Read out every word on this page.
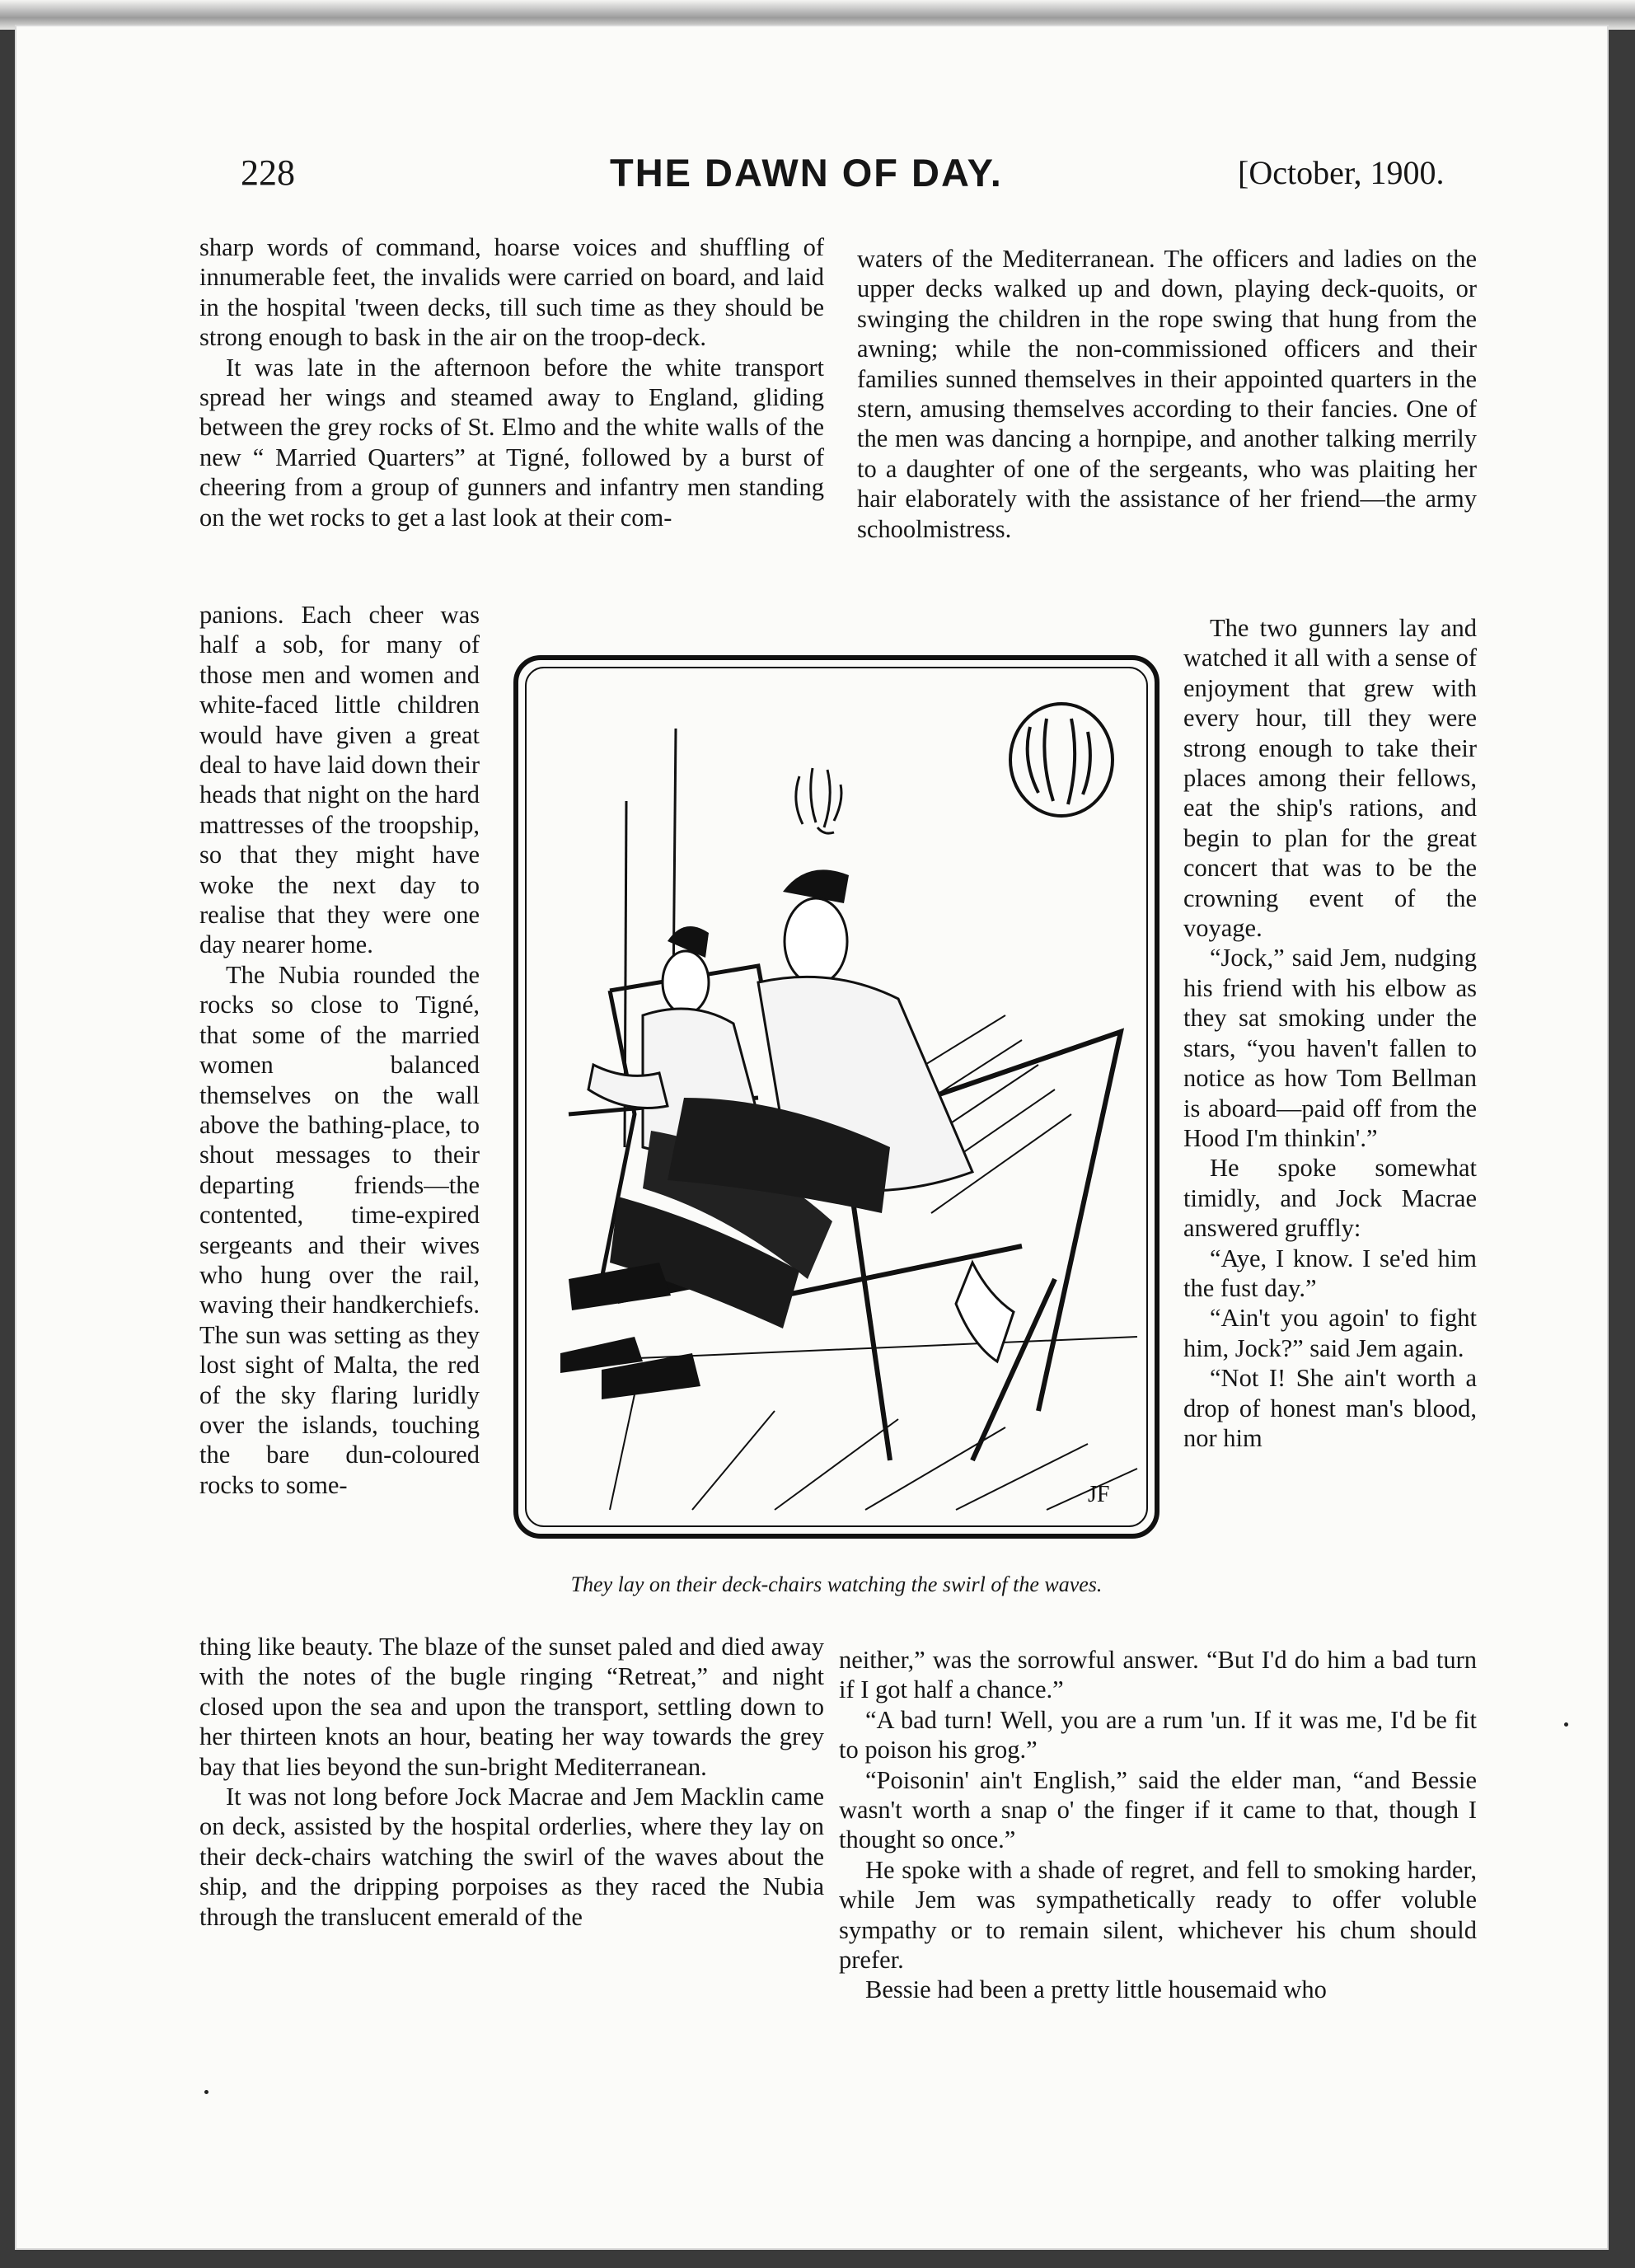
228	THE DAWN OF DAY.	[October, 1900.

sharp words of command, hoarse voices and shuffling of innumerable feet, the invalids were carried on board, and laid in the hospital 'tween decks, till such time as they should be strong enough to bask in the air on the troop-deck.

It was late in the afternoon before the white transport spread her wings and steamed away to England, gliding between the grey rocks of St. Elmo and the white walls of the new “ Married Quarters” at Tigné, followed by a burst of cheering from a group of gunners and infantry men standing on the wet rocks to get a last look at their com-

panions. Each cheer was half a sob, for many of those men and women and white-faced little children would have given a great deal to have laid down their heads that night on the hard mattresses of the troopship, so that they might have woke the next day to realise that they were one day nearer home.

The Nubia rounded the rocks so close to Tigné, that some of the married women balanced themselves on the wall above the bathing-place, to shout messages to their departing friends—the contented, time-expired sergeants and their wives who hung over the rail, waving their handkerchiefs. The sun was setting as they lost sight of Malta, the red of the sky flaring luridly over the islands, touching the bare dun-coloured rocks to some-

thing like beauty. The blaze of the sunset paled and died away with the notes of the bugle ringing “Retreat,” and night closed upon the sea and upon the transport, settling down to her thirteen knots an hour, beating her way towards the grey bay that lies beyond the sun-bright Mediterranean.

It was not long before Jock Macrae and Jem Macklin came on deck, assisted by the hospital orderlies, where they lay on their deck-chairs watching the swirl of the waves about the ship, and the dripping porpoises as they raced the Nubia through the translucent emerald of the

waters of the Mediterranean. The officers and ladies on the upper decks walked up and down, playing deck-quoits, or swinging the children in the rope swing that hung from the awning; while the non-commissioned officers and their families sunned themselves in their appointed quarters in the stern, amusing themselves according to their fancies. One of the men was dancing a hornpipe, and another talking merrily to a daughter of one of the sergeants, who was plaiting her hair elaborately with the assistance of her friend—the army schoolmistress.

The two gunners lay and watched it all with a sense of enjoyment that grew with every hour, till they were strong enough to take their places among their fellows, eat the ship's rations, and begin to plan for the great concert that was to be the crowning event of the voyage.

“Jock,” said Jem, nudging his friend with his elbow as they sat smoking under the stars, “you haven't fallen to notice as how Tom Bellman is aboard—paid off from the Hood I'm thinkin'.”

He spoke somewhat timidly, and Jock Macrae answered gruffly:

“Aye, I know. I se'ed him the fust day.”

“Ain't you agoin' to fight him, Jock?” said Jem again.

“Not I! She ain't worth a drop of honest man's blood, nor him

neither,” was the sorrowful answer. “But I'd do him a bad turn if I got half a chance.”

“A bad turn! Well, you are a rum 'un. If it was me, I'd be fit to poison his grog.”

“Poisonin' ain't English,” said the elder man, “and Bessie wasn't worth a snap o' the finger if it came to that, though I thought so once.”

He spoke with a shade of regret, and fell to smoking harder, while Jem was sympathetically ready to offer voluble sympathy or to remain silent, whichever his chum should prefer.

Bessie had been a pretty little housemaid who

JF
They lay on their deck-chairs watching the swirl of the waves.
